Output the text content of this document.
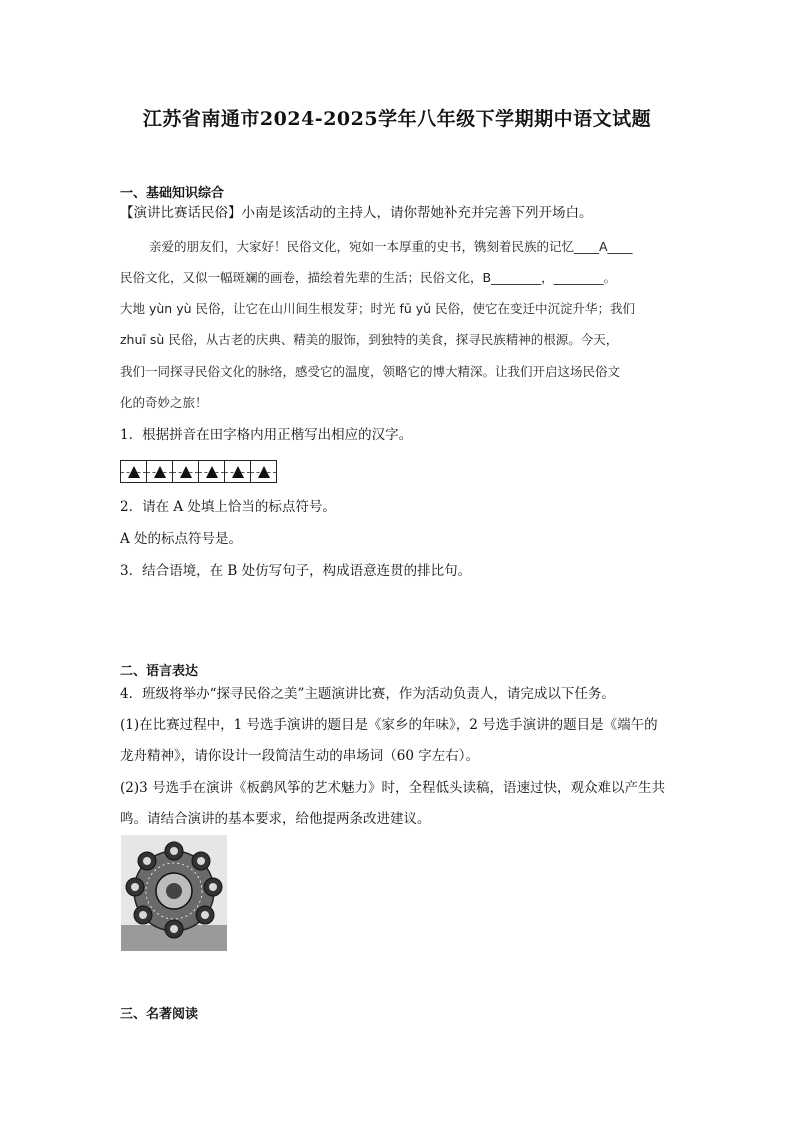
江苏省南通市2024-2025学年八年级下学期期中语文试题
一、基础知识综合
【演讲比赛话民俗】小南是该活动的主持人，请你帮她补充并完善下列开场白。
亲爱的朋友们，大家好！民俗文化，宛如一本厚重的史书，镌刻着民族的记忆____A____
民俗文化，又似一幅斑斓的画卷，描绘着先辈的生活；民俗文化，B________，________。
大地 yùn yù 民俗，让它在山川间生根发芽；时光 fū yǔ 民俗，使它在变迁中沉淀升华；我们
zhuī sù 民俗，从古老的庆典、精美的服饰，到独特的美食，探寻民族精神的根源。今天，
我们一同探寻民俗文化的脉络，感受它的温度，领略它的博大精深。让我们开启这场民俗文
化的奇妙之旅！
1．根据拼音在田字格内用正楷写出相应的汉字。
2．请在 A 处填上恰当的标点符号。
A 处的标点符号是。
3．结合语境，在 B 处仿写句子，构成语意连贯的排比句。
二、语言表达
4．班级将举办“探寻民俗之美”主题演讲比赛，作为活动负责人，请完成以下任务。
(1)在比赛过程中，1 号选手演讲的题目是《家乡的年味》，2 号选手演讲的题目是《端午的
龙舟精神》，请你设计一段简洁生动的串场词（60 字左右）。
(2)3 号选手在演讲《板鹞风筝的艺术魅力》时，全程低头读稿，语速过快，观众难以产生共
鸣。请结合演讲的基本要求，给他提两条改进建议。
三、名著阅读
